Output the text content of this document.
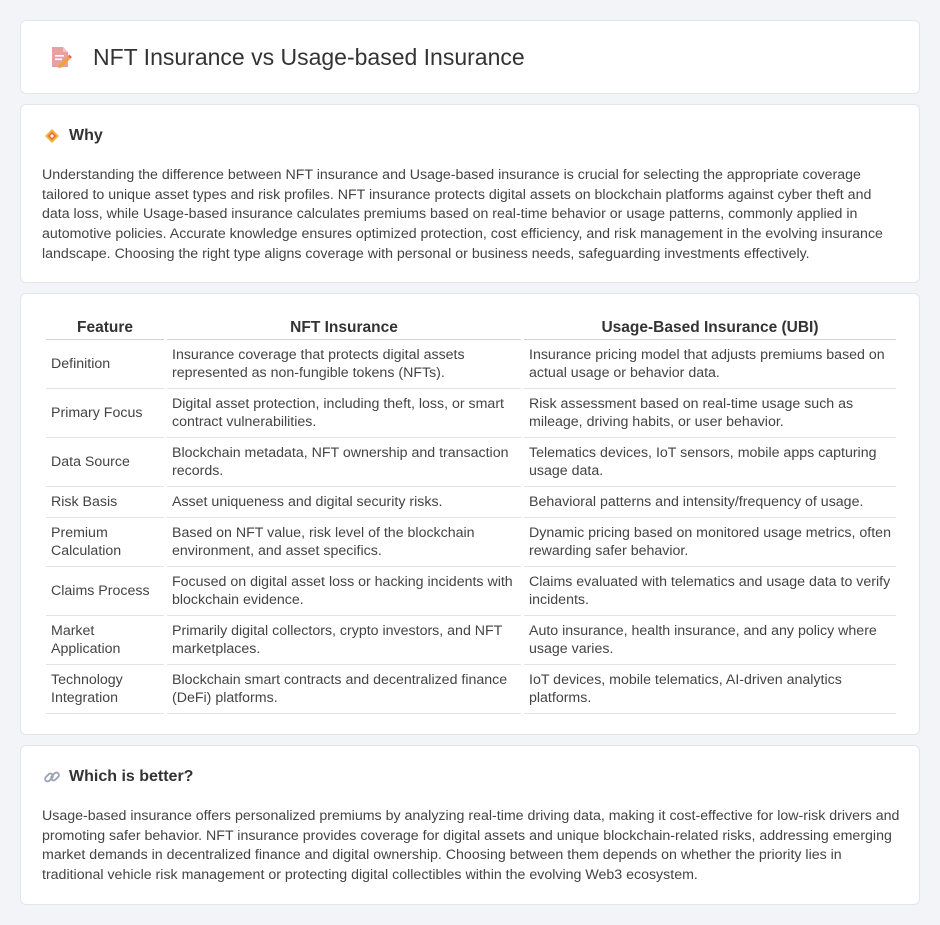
NFT Insurance vs Usage-based Insurance
Why

Understanding the difference between NFT insurance and Usage-based insurance is crucial for selecting the appropriate coverage tailored to unique asset types and risk profiles. NFT insurance protects digital assets on blockchain platforms against cyber theft and data loss, while Usage-based insurance calculates premiums based on real-time behavior or usage patterns, commonly applied in automotive policies. Accurate knowledge ensures optimized protection, cost efficiency, and risk management in the evolving insurance landscape. Choosing the right type aligns coverage with personal or business needs, safeguarding investments effectively.

Feature	NFT Insurance	Usage-Based Insurance (UBI)
Definition	Insurance coverage that protects digital assets represented as non-fungible tokens (NFTs).	Insurance pricing model that adjusts premiums based on actual usage or behavior data.
Primary Focus	Digital asset protection, including theft, loss, or smart contract vulnerabilities.	Risk assessment based on real-time usage such as mileage, driving habits, or user behavior.
Data Source	Blockchain metadata, NFT ownership and transaction records.	Telematics devices, IoT sensors, mobile apps capturing usage data.
Risk Basis	Asset uniqueness and digital security risks.	Behavioral patterns and intensity/frequency of usage.
Premium Calculation	Based on NFT value, risk level of the blockchain environment, and asset specifics.	Dynamic pricing based on monitored usage metrics, often rewarding safer behavior.
Claims Process	Focused on digital asset loss or hacking incidents with blockchain evidence.	Claims evaluated with telematics and usage data to verify incidents.
Market Application	Primarily digital collectors, crypto investors, and NFT marketplaces.	Auto insurance, health insurance, and any policy where usage varies.
Technology Integration	Blockchain smart contracts and decentralized finance (DeFi) platforms.	IoT devices, mobile telematics, AI-driven analytics platforms.
Which is better?

Usage-based insurance offers personalized premiums by analyzing real-time driving data, making it cost-effective for low-risk drivers and promoting safer behavior. NFT insurance provides coverage for digital assets and unique blockchain-related risks, addressing emerging market demands in decentralized finance and digital ownership. Choosing between them depends on whether the priority lies in traditional vehicle risk management or protecting digital collectibles within the evolving Web3 ecosystem.
